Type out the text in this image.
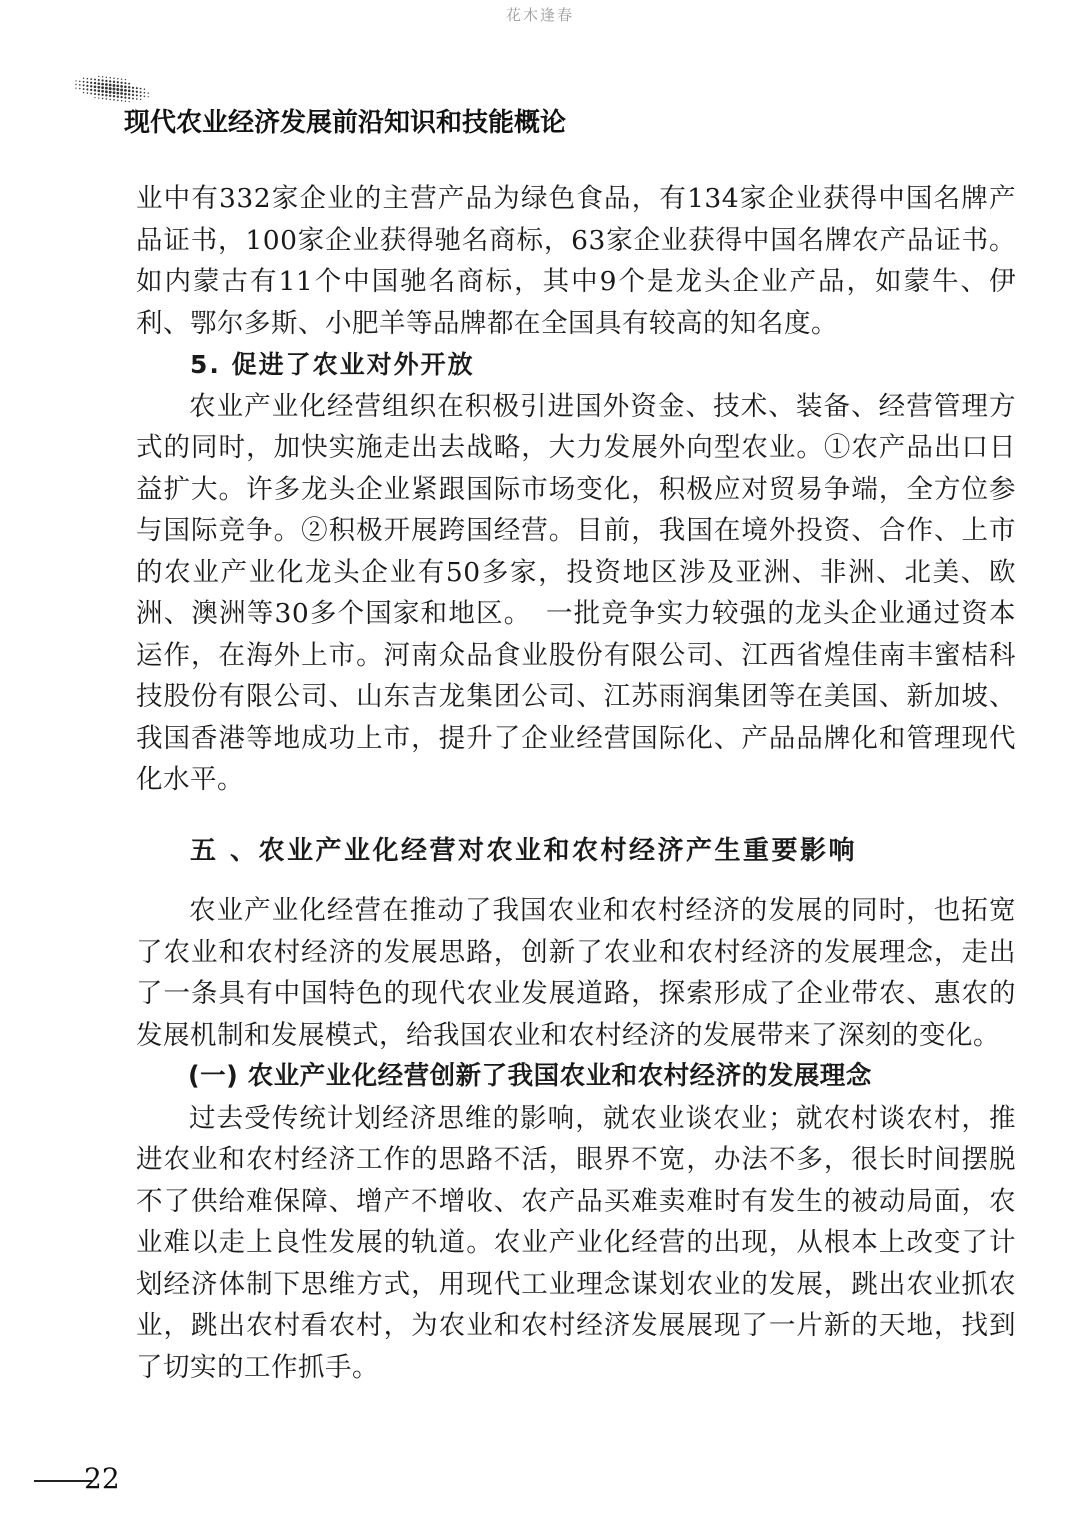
花木逢春
现代农业经济发展前沿知识和技能概论

业中有332家企业的主营产品为绿色食品，有134家企业获得中国名牌产品证书，100家企业获得驰名商标，63家企业获得中国名牌农产品证书。如内蒙古有11个中国驰名商标，其中9个是龙头企业产品，如蒙牛、伊利、鄂尔多斯、小肥羊等品牌都在全国具有较高的知名度。

5. 促进了农业对外开放

农业产业化经营组织在积极引进国外资金、技术、装备、经营管理方式的同时，加快实施走出去战略，大力发展外向型农业。①农产品出口日益扩大。许多龙头企业紧跟国际市场变化，积极应对贸易争端，全方位参与国际竞争。②积极开展跨国经营。目前，我国在境外投资、合作、上市的农业产业化龙头企业有50多家，投资地区涉及亚洲、非洲、北美、欧洲、澳洲等30多个国家和地区。　一批竞争实力较强的龙头企业通过资本运作，在海外上市。河南众品食业股份有限公司、江西省煌佳南丰蜜桔科技股份有限公司、山东吉龙集团公司、江苏雨润集团等在美国、新加坡、我国香港等地成功上市，提升了企业经营国际化、产品品牌化和管理现代化水平。

五 、农业产业化经营对农业和农村经济产生重要影响

农业产业化经营在推动了我国农业和农村经济的发展的同时，也拓宽了农业和农村经济的发展思路，创新了农业和农村经济的发展理念，走出了一条具有中国特色的现代农业发展道路，探索形成了企业带农、惠农的发展机制和发展模式，给我国农业和农村经济的发展带来了深刻的变化。

(一) 农业产业化经营创新了我国农业和农村经济的发展理念

过去受传统计划经济思维的影响，就农业谈农业；就农村谈农村，推进农业和农村经济工作的思路不活，眼界不宽，办法不多，很长时间摆脱不了供给难保障、增产不增收、农产品买难卖难时有发生的被动局面，农业难以走上良性发展的轨道。农业产业化经营的出现，从根本上改变了计划经济体制下思维方式，用现代工业理念谋划农业的发展，跳出农业抓农业，跳出农村看农村，为农业和农村经济发展展现了一片新的天地，找到了切实的工作抓手。

22
